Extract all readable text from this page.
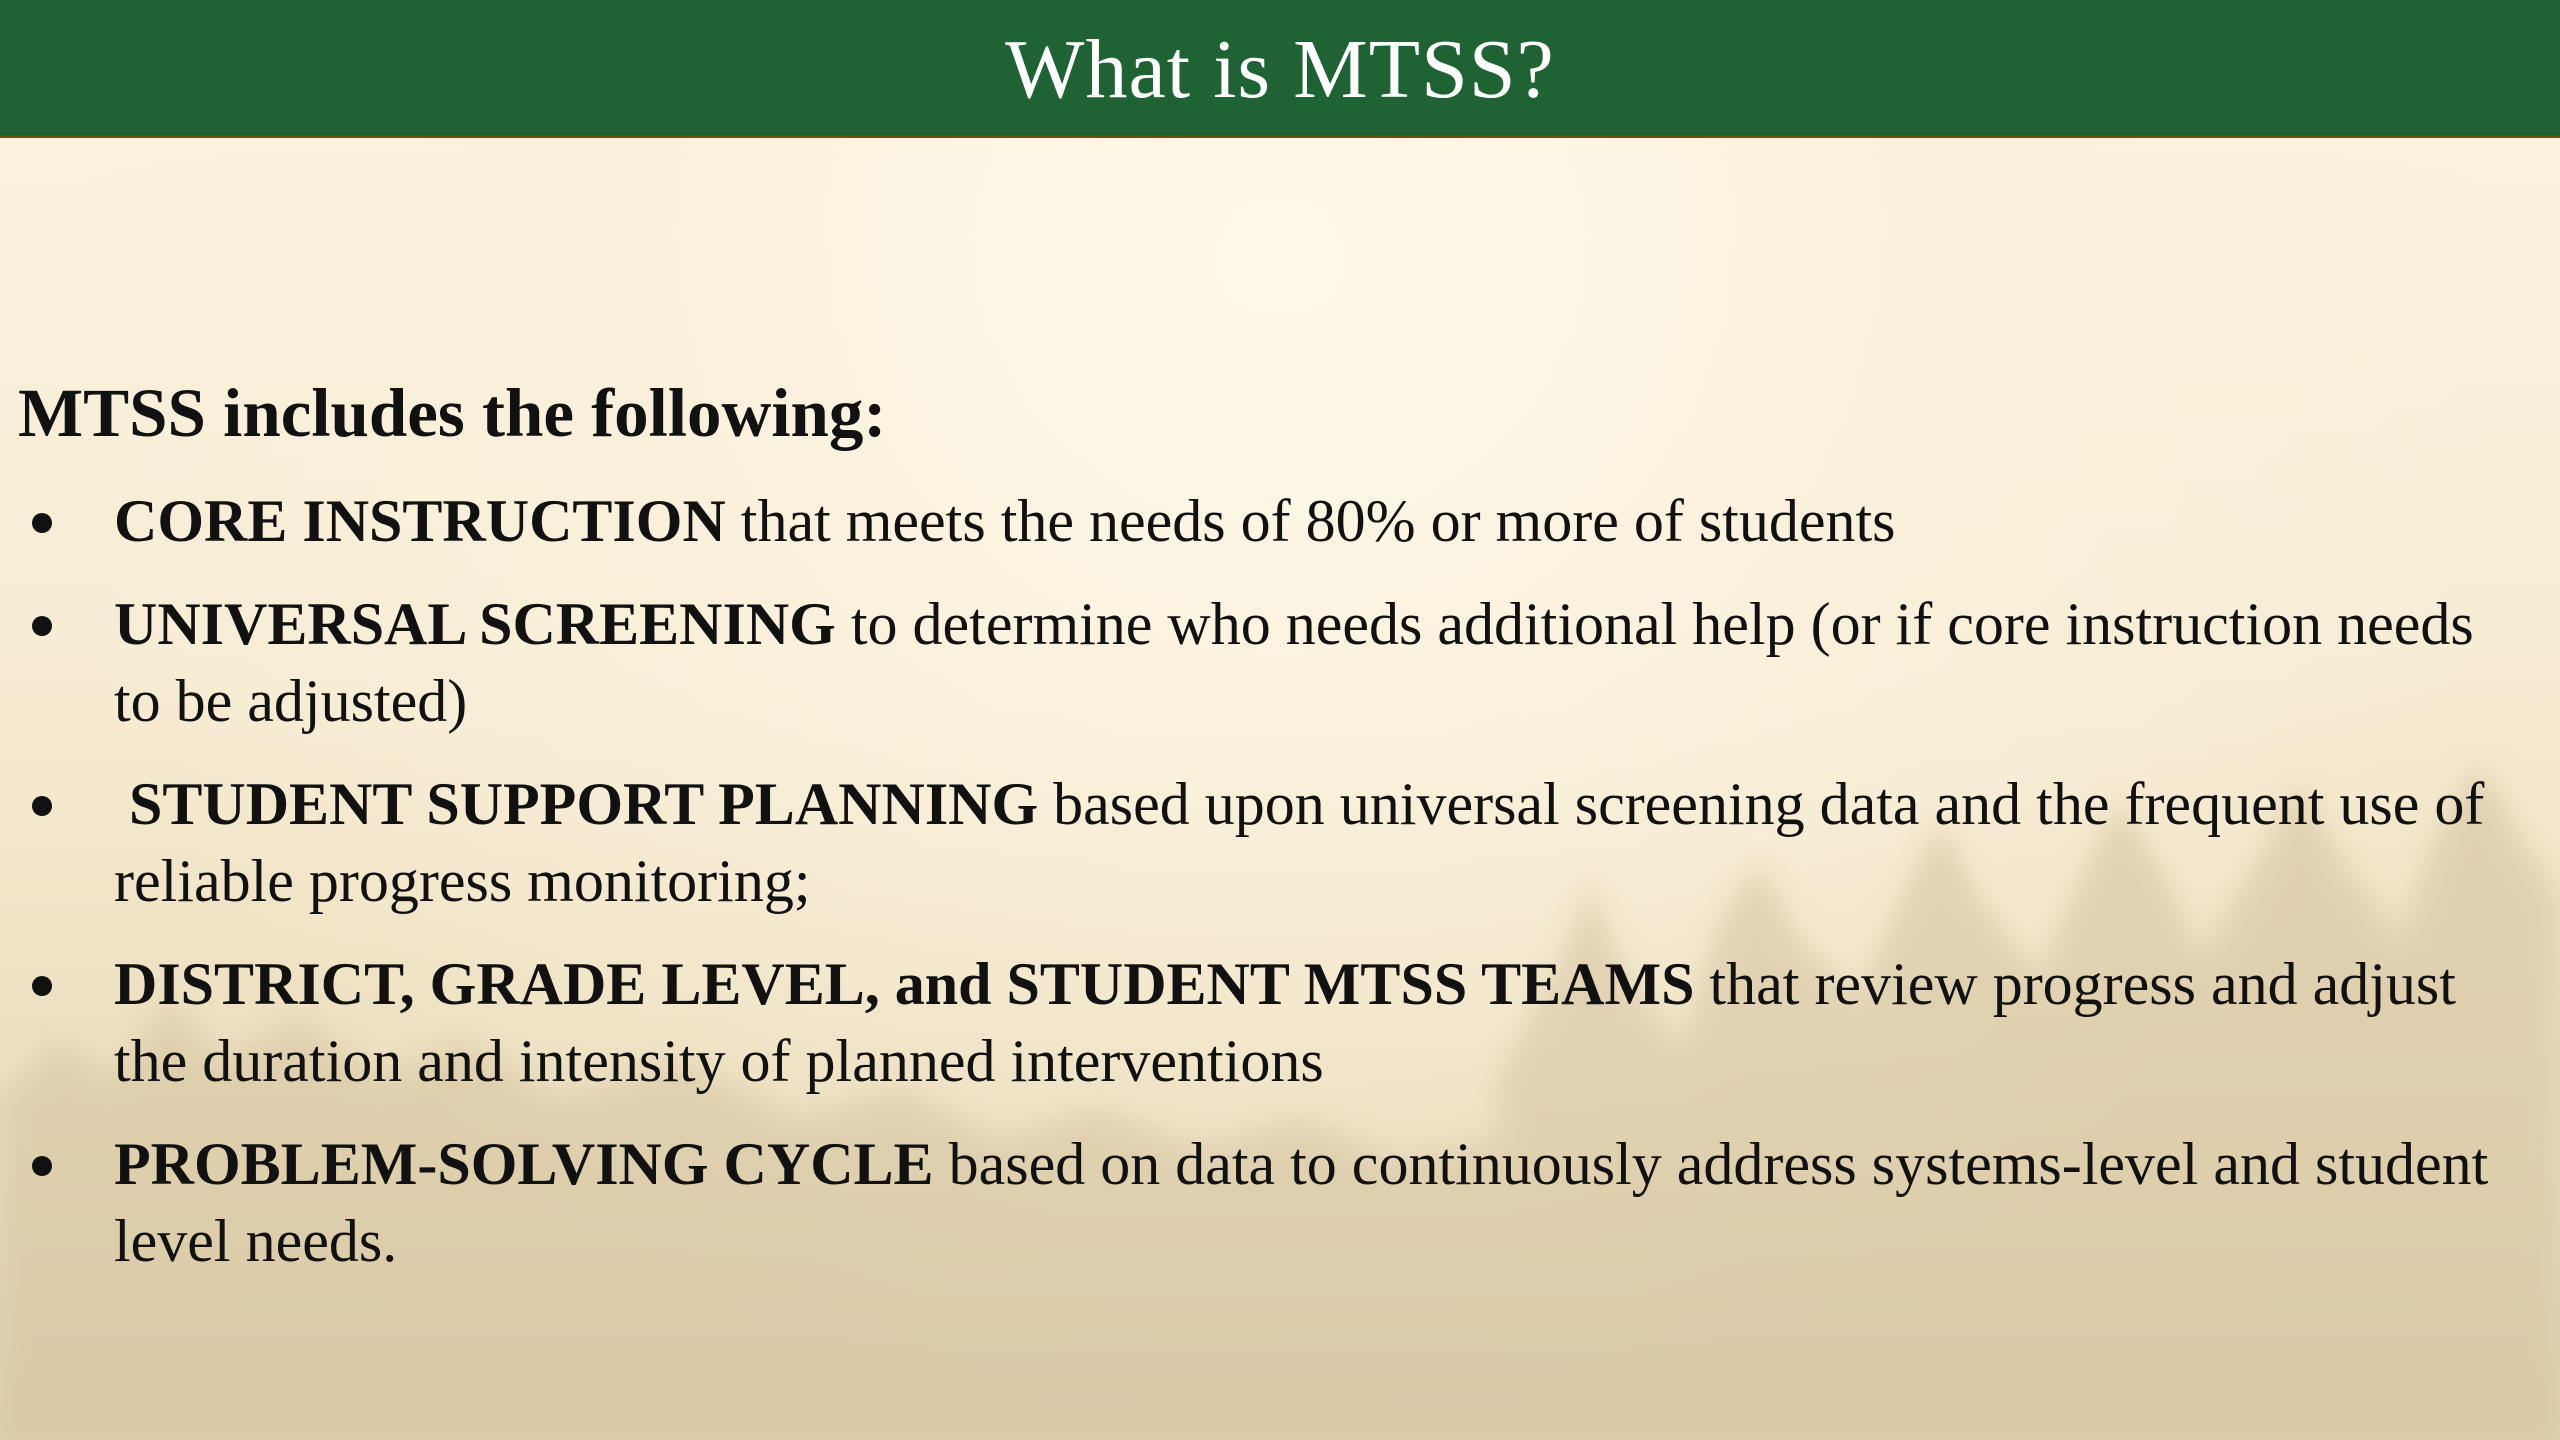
What is MTSS?

MTSS includes the following:

CORE INSTRUCTION that meets the needs of 80% or more of students
UNIVERSAL SCREENING to determine who needs additional help (or if core instruction needs to be adjusted)
STUDENT SUPPORT PLANNING based upon universal screening data and the frequent use of reliable progress monitoring;
DISTRICT, GRADE LEVEL, and STUDENT MTSS TEAMS that review progress and adjust the duration and intensity of planned interventions
PROBLEM-SOLVING CYCLE based on data to continuously address systems-level and student level needs.
